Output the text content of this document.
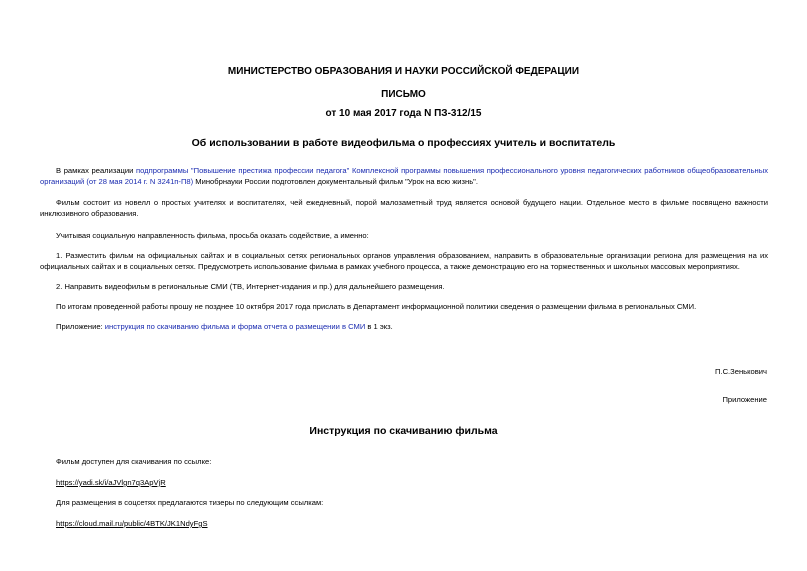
МИНИСТЕРСТВО ОБРАЗОВАНИЯ И НАУКИ РОССИЙСКОЙ ФЕДЕРАЦИИ
ПИСЬМО
от 10 мая 2017 года N ПЗ-312/15
Об использовании в работе видеофильма о профессиях учитель и воспитатель
В рамках реализации подпрограммы "Повышение престижа профессии педагога" Комплексной программы повышения профессионального уровня педагогических работников общеобразовательных организаций (от 28 мая 2014 г. N 3241п-П8) Минобрнауки России подготовлен документальный фильм "Урок на всю жизнь".
Фильм состоит из новелл о простых учителях и воспитателях, чей ежедневный, порой малозаметный труд является основой будущего нации. Отдельное место в фильме посвящено важности инклюзивного образования.
Учитывая социальную направленность фильма, просьба оказать содействие, а именно:
1. Разместить фильм на официальных сайтах и в социальных сетях региональных органов управления образованием, направить в образовательные организации региона для размещения на их официальных сайтах и в социальных сетях. Предусмотреть использование фильма в рамках учебного процесса, а также демонстрацию его на торжественных и школьных массовых мероприятиях.
2. Направить видеофильм в региональные СМИ (ТВ, Интернет-издания и пр.) для дальнейшего размещения.
По итогам проведенной работы прошу не позднее 10 октября 2017 года прислать в Департамент информационной политики сведения о размещении фильма в региональных СМИ.
Приложение: инструкция по скачиванию фильма и форма отчета о размещении в СМИ в 1 экз.
П.С.Зенькович
Приложение
Инструкция по скачиванию фильма
Фильм доступен для скачивания по ссылке:
https://yadi.sk/i/aJVlgn7q3ApVjR
Для размещения в соцсетях предлагаются тизеры по следующим ссылкам:
https://cloud.mail.ru/public/4BTK/JK1NdyFgS
